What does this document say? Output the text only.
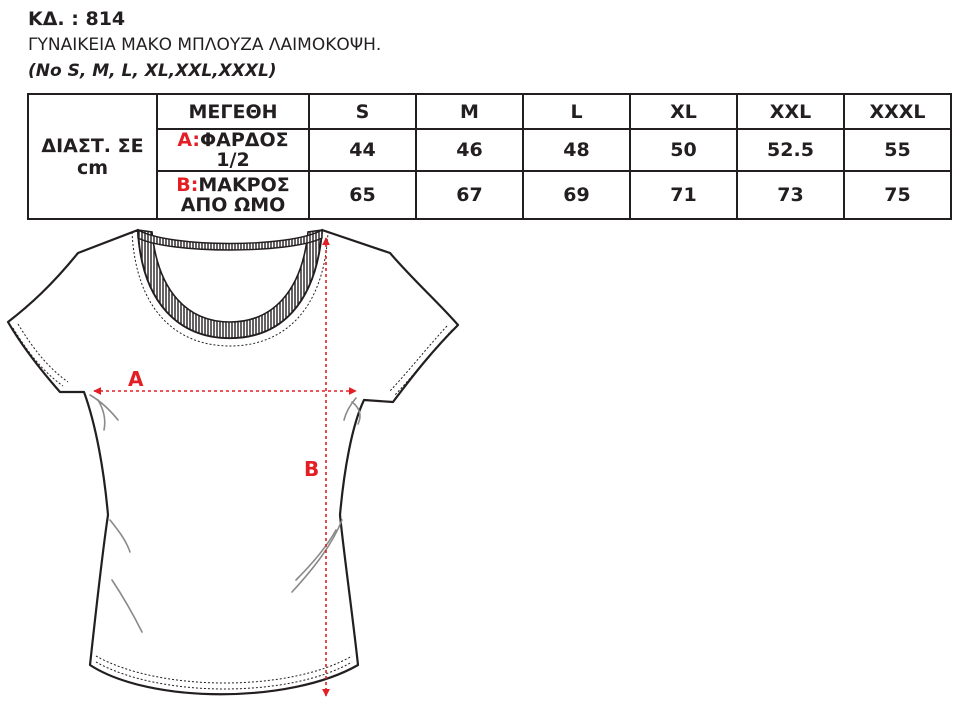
ΚΔ. : 814
ΓΥΝΑΙΚΕΙΑ ΜΑΚΟ ΜΠΛΟΥΖΑ ΛΑΙΜΟΚΟΨΗ.
(No S, M, L, XL,XXL,XXXL)
ΔΙΑΣΤ. ΣΕ cm	ΜΕΓΕΘΗ	S	M	L	XL	XXL	XXXL
	A:ΦΑΡΔΟΣ 1/2	44	46	48	50	52.5	55
	B:ΜΑΚΡΟΣ ΑΠΟ ΩΜΟ	65	67	69	71	73	75
A
B
